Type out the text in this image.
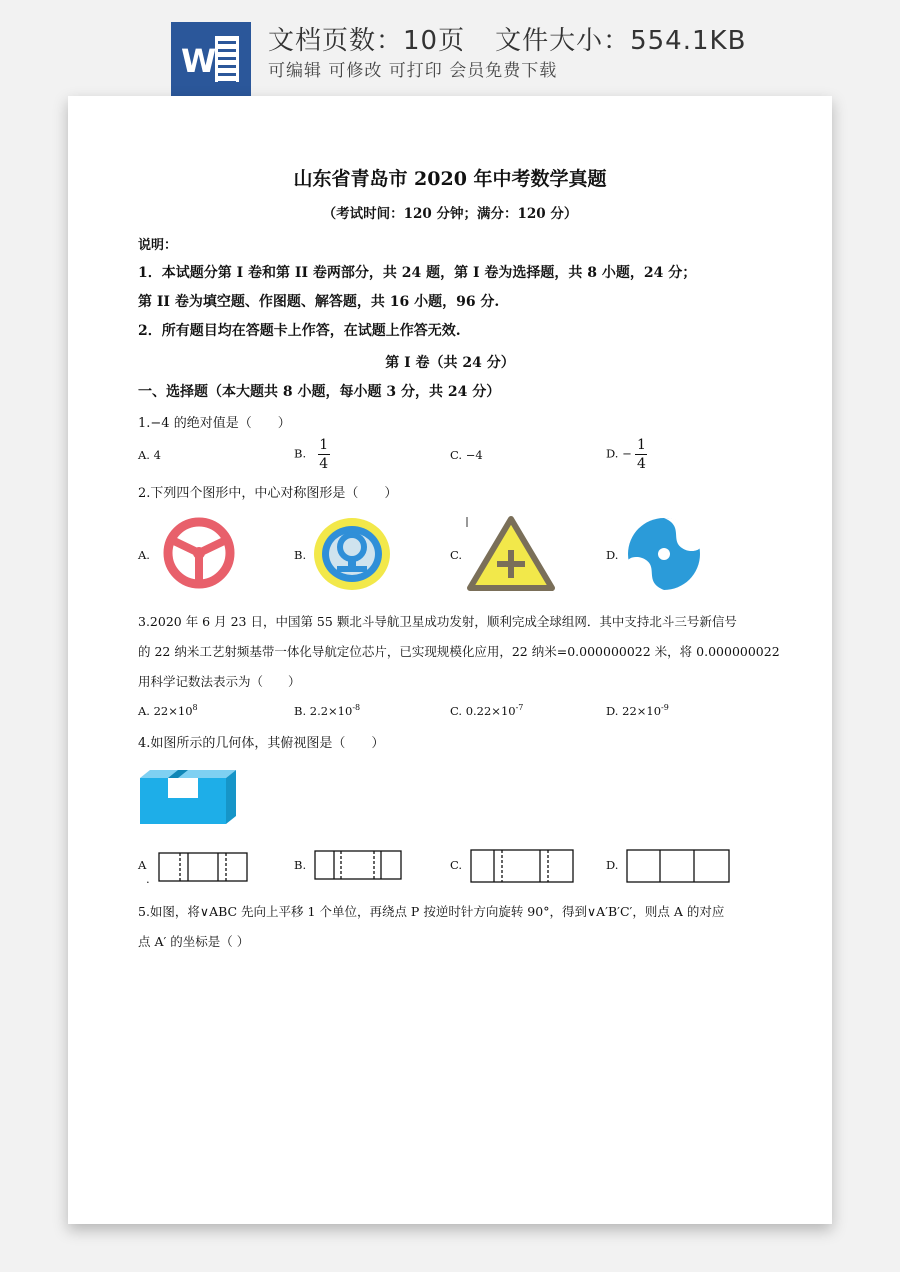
W
文档页数：10页 文件大小：554.1KB
可编辑 可修改 可打印 会员免费下载
山东省青岛市 2020 年中考数学真题
（考试时间：120 分钟；满分：120 分）
说明：
1．本试题分第 I 卷和第 II 卷两部分，共 24 题，第 I 卷为选择题，共 8 小题，24 分；
第 II 卷为填空题、作图题、解答题，共 16 小题，96 分.
2．所有题目均在答题卡上作答，在试题上作答无效.
第 I 卷（共 24 分）
一、选择题（本大题共 8 小题，每小题 3 分，共 24 分）
1.−4 的绝对值是（　　）
A. 4	B. $\frac{1}{4}$	C. −4	D. − $\frac{1}{4}$
2.下列四个图形中，中心对称图形是（　　）
A.	B.	C.	D.
3.2020 年 6 月 23 日，中国第 55 颗北斗导航卫星成功发射，顺利完成全球组网．其中支持北斗三号新信号
的 22 纳米工艺射频基带一体化导航定位芯片，已实现规模化应用，22 纳米=0.000000022 米，将 0.000000022
用科学记数法表示为（　　）
A. $22\times 10^8$	B. $2.2\times 10^{-8}$	C. $0.22\times 10^{-7}$	D. $22\times 10^{-9}$
4.如图所示的几何体，其俯视图是（　　）
A
.
B.	C.	D.
5.如图，将∨ABC 先向上平移 1 个单位，再绕点 P 按逆时针方向旋转 90°，得到∨A′B′C′，则点 A 的对应
点 A′ 的坐标是（ ）
